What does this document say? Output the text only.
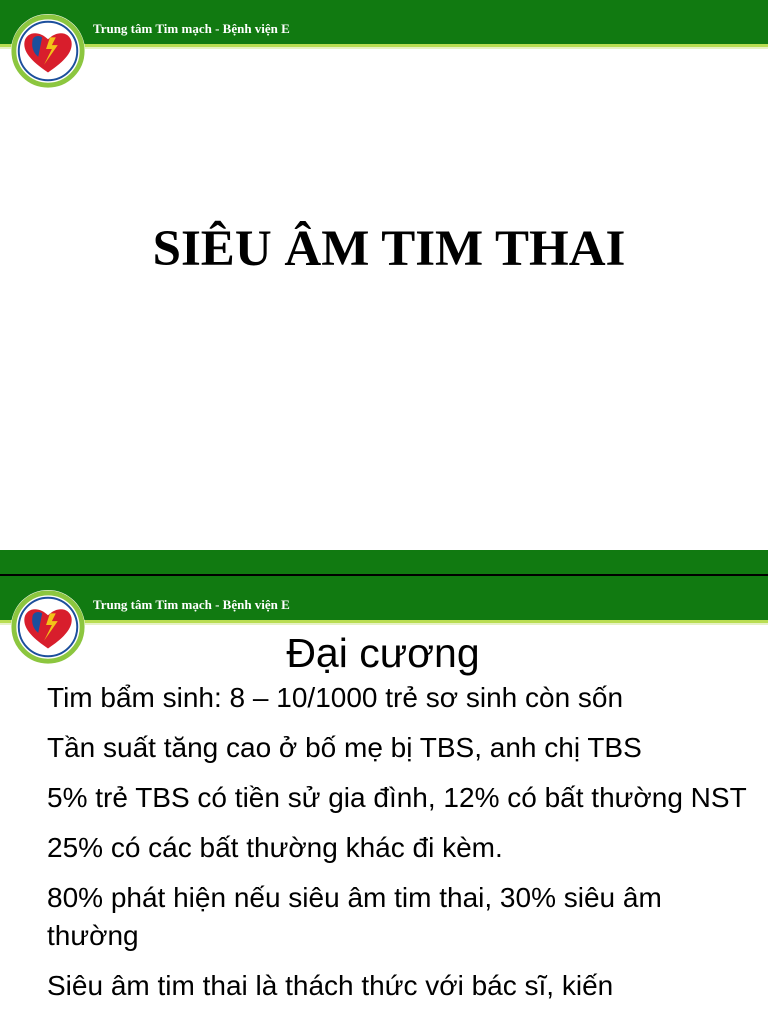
Trung tâm Tim mạch - Bệnh viện E
SIÊU ÂM TIM THAI
Trung tâm Tim mạch - Bệnh viện E
Đại cương
Tim bẩm sinh: 8 – 10/1000 trẻ sơ sinh còn sốn
Tần suất tăng cao ở bố mẹ bị TBS, anh chị TBS
5% trẻ TBS có tiền sử gia đình, 12% có bất thường NST
25% có các bất thường khác đi kèm.
80% phát hiện nếu siêu âm tim thai, 30% siêu âm thường
Siêu âm tim thai là thách thức với bác sĩ, kiến
